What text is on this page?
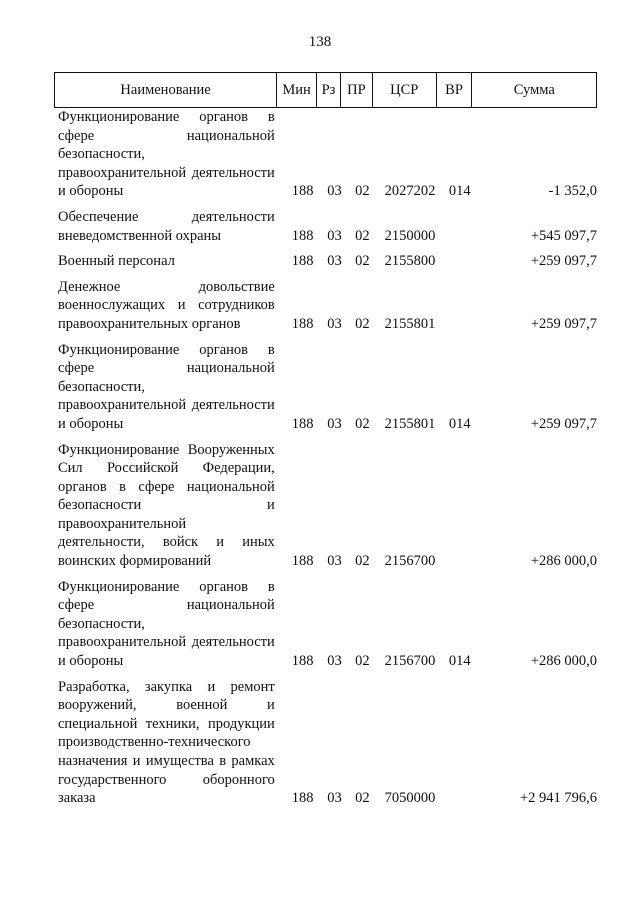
138
Наименование	Мин Рз ПР	ЦСР	ВР	Сумма
Функционирование органов в сфере национальной безопасности, правоохранительной деятельности и обороны	188 03 02	2027202 014	-1 352,0
Обеспечение деятельности вневедомственной охраны	188 03 02	2150000	+545 097,7
Военный персонал	188 03 02	2155800	+259 097,7
Денежное довольствие военнослужащих и сотрудников правоохранительных органов	188 03 02	2155801	+259 097,7
Функционирование органов в сфере национальной безопасности, правоохранительной деятельности и обороны	188 03 02	2155801 014	+259 097,7
Функционирование Вооруженных Сил Российской Федерации, органов в сфере национальной безопасности и правоохранительной деятельности, войск и иных воинских формирований	188 03 02	2156700	+286 000,0
Функционирование органов в сфере национальной безопасности, правоохранительной деятельности и обороны	188 03 02	2156700 014	+286 000,0
Разработка, закупка и ремонт вооружений, военной и специальной техники, продукции производственно-технического назначения и имущества в рамках государственного оборонного заказа	188 03 02	7050000	+2 941 796,6
